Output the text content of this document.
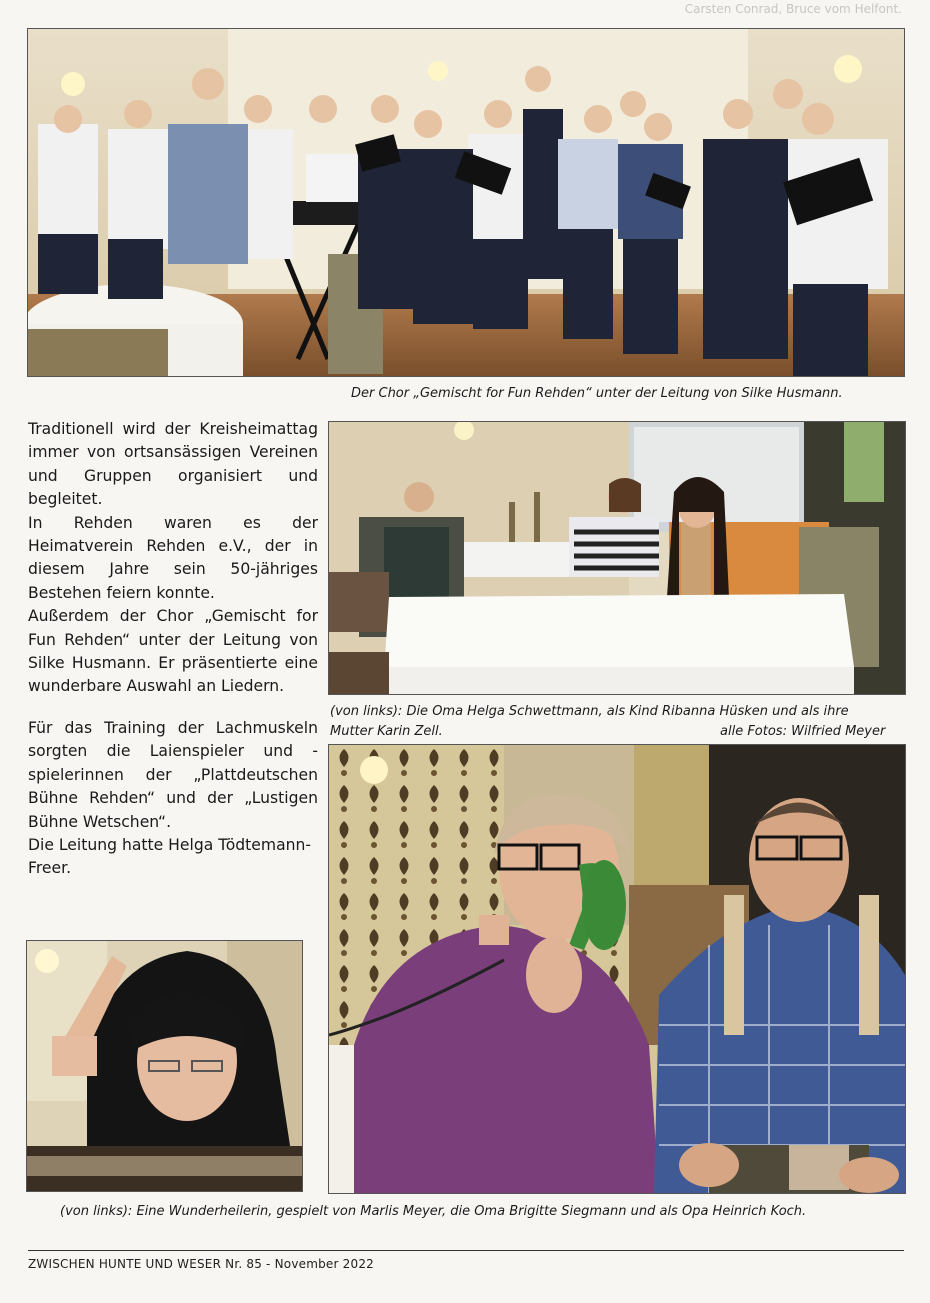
Carsten Conrad, Bruce vom Helfont.
Der Chor „Gemischt for Fun Rehden“ unter der Leitung von Silke Husmann.

Traditionell wird der Kreisheimattag immer von ortsansässigen Vereinen und Gruppen organisiert und begleitet.

In Rehden waren es der Heimatverein Rehden e.V., der in diesem Jahre sein 50-jähriges Bestehen feiern konnte.

Außerdem der Chor „Gemischt for Fun Rehden“ unter der Leitung von Silke Husmann. Er präsentierte eine wunderbare Auswahl an Liedern.

Für das Training der Lachmuskeln sorgten die Laienspieler und -spielerinnen der „Plattdeutschen Bühne Rehden“ und der „Lustigen Bühne Wetschen“.

Die Leitung hatte Helga Tödtemann-Freer.

(von links): Die Oma Helga Schwettmann, als Kind Ribanna Hüsken und als ihre
Mutter Karin Zell.	alle Fotos: Wilfried Meyer
(von links): Eine Wunderheilerin, gespielt von Marlis Meyer, die Oma Brigitte Siegmann und als Opa Heinrich Koch.
ZWISCHEN HUNTE UND WESER Nr. 85 - November 2022
